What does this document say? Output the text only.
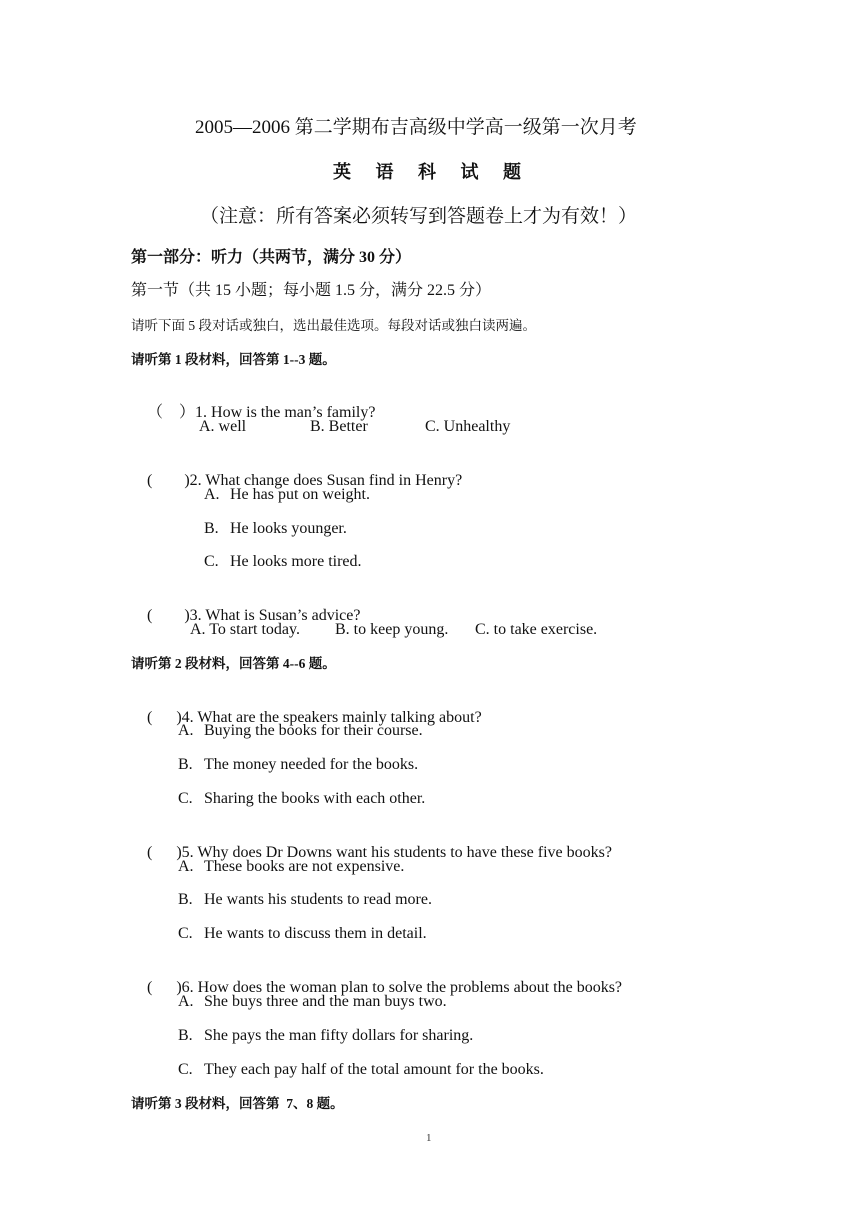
2005—2006 第二学期布吉高级中学高一级第一次月考
英 语 科 试 题
（注意：所有答案必须转写到答题卷上才为有效！）
第一部分：听力（共两节，满分 30 分）
第一节（共 15 小题；每小题 1.5 分，满分 22.5 分）
请听下面 5 段对话或独白，选出最佳选项。每段对话或独白读两遍。
请听第 1 段材料，回答第 1--3 题。

（    ）1. How is the man’s family?

A. well	B. Better	C. Unhealthy

(        )2. What change does Susan find in Henry?

A. He has put on weight.
B. He looks younger.
C. He looks more tired.

(        )3. What is Susan’s advice?

A. To start today. B. to keep young. C. to take exercise.
请听第 2 段材料，回答第 4--6 题。

(      )4. What are the speakers mainly talking about?

A. Buying the books for their course.
B. The money needed for the books.
C. Sharing the books with each other.

(      )5. Why does Dr Downs want his students to have these five books?

A. These books are not expensive.
B. He wants his students to read more.
C. He wants to discuss them in detail.

(      )6. How does the woman plan to solve the problems about the books?

A. She buys three and the man buys two.
B. She pays the man fifty dollars for sharing.
C. They each pay half of the total amount for the books.
请听第 3 段材料，回答第  7、8 题。
1
